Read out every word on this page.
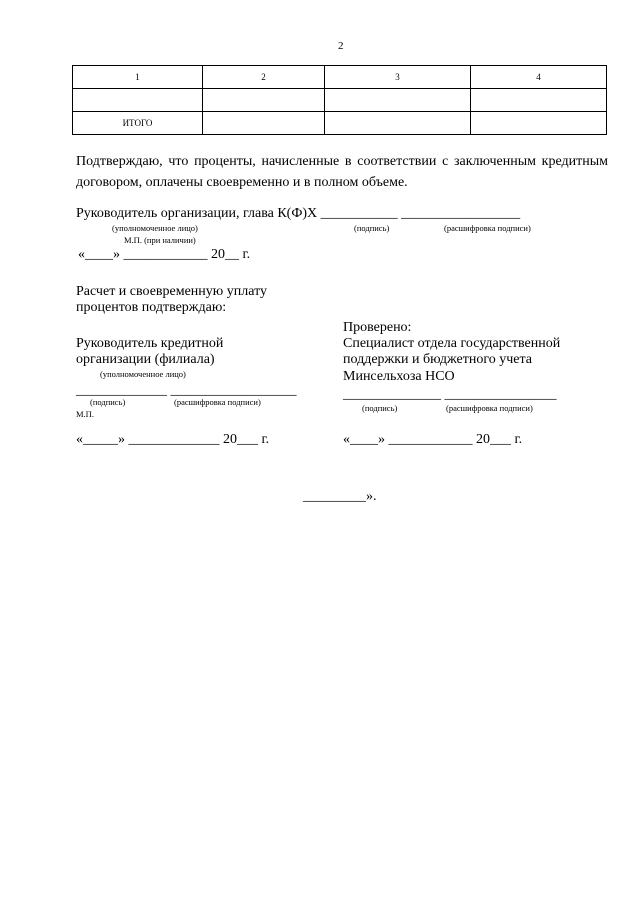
2
1	2	3	4

ИТОГО			
Подтверждаю, что проценты, начисленные в соответствии с заключенным кредитным договором, оплачены своевременно и в полном объеме.
Руководитель организации, глава К(Ф)Х ___________ _________________
(уполномоченное лицо)	(подпись)	(расшифровка подписи)
М.П. (при наличии)
«____» ____________ 20__ г.
Расчет и своевременную уплату
процентов подтверждаю:
Руководитель кредитной
организации (филиала)
(уполномоченное лицо)
_____________ __________________
(подпись)	(расшифровка подписи)
М.П.
«_____» _____________ 20___ г.
Проверено:
Специалист отдела государственной
поддержки и бюджетного учета
Минсельхоза НСО
______________ ________________
(подпись)	(расшифровка подписи)
«____» ____________ 20___ г.
_________».
